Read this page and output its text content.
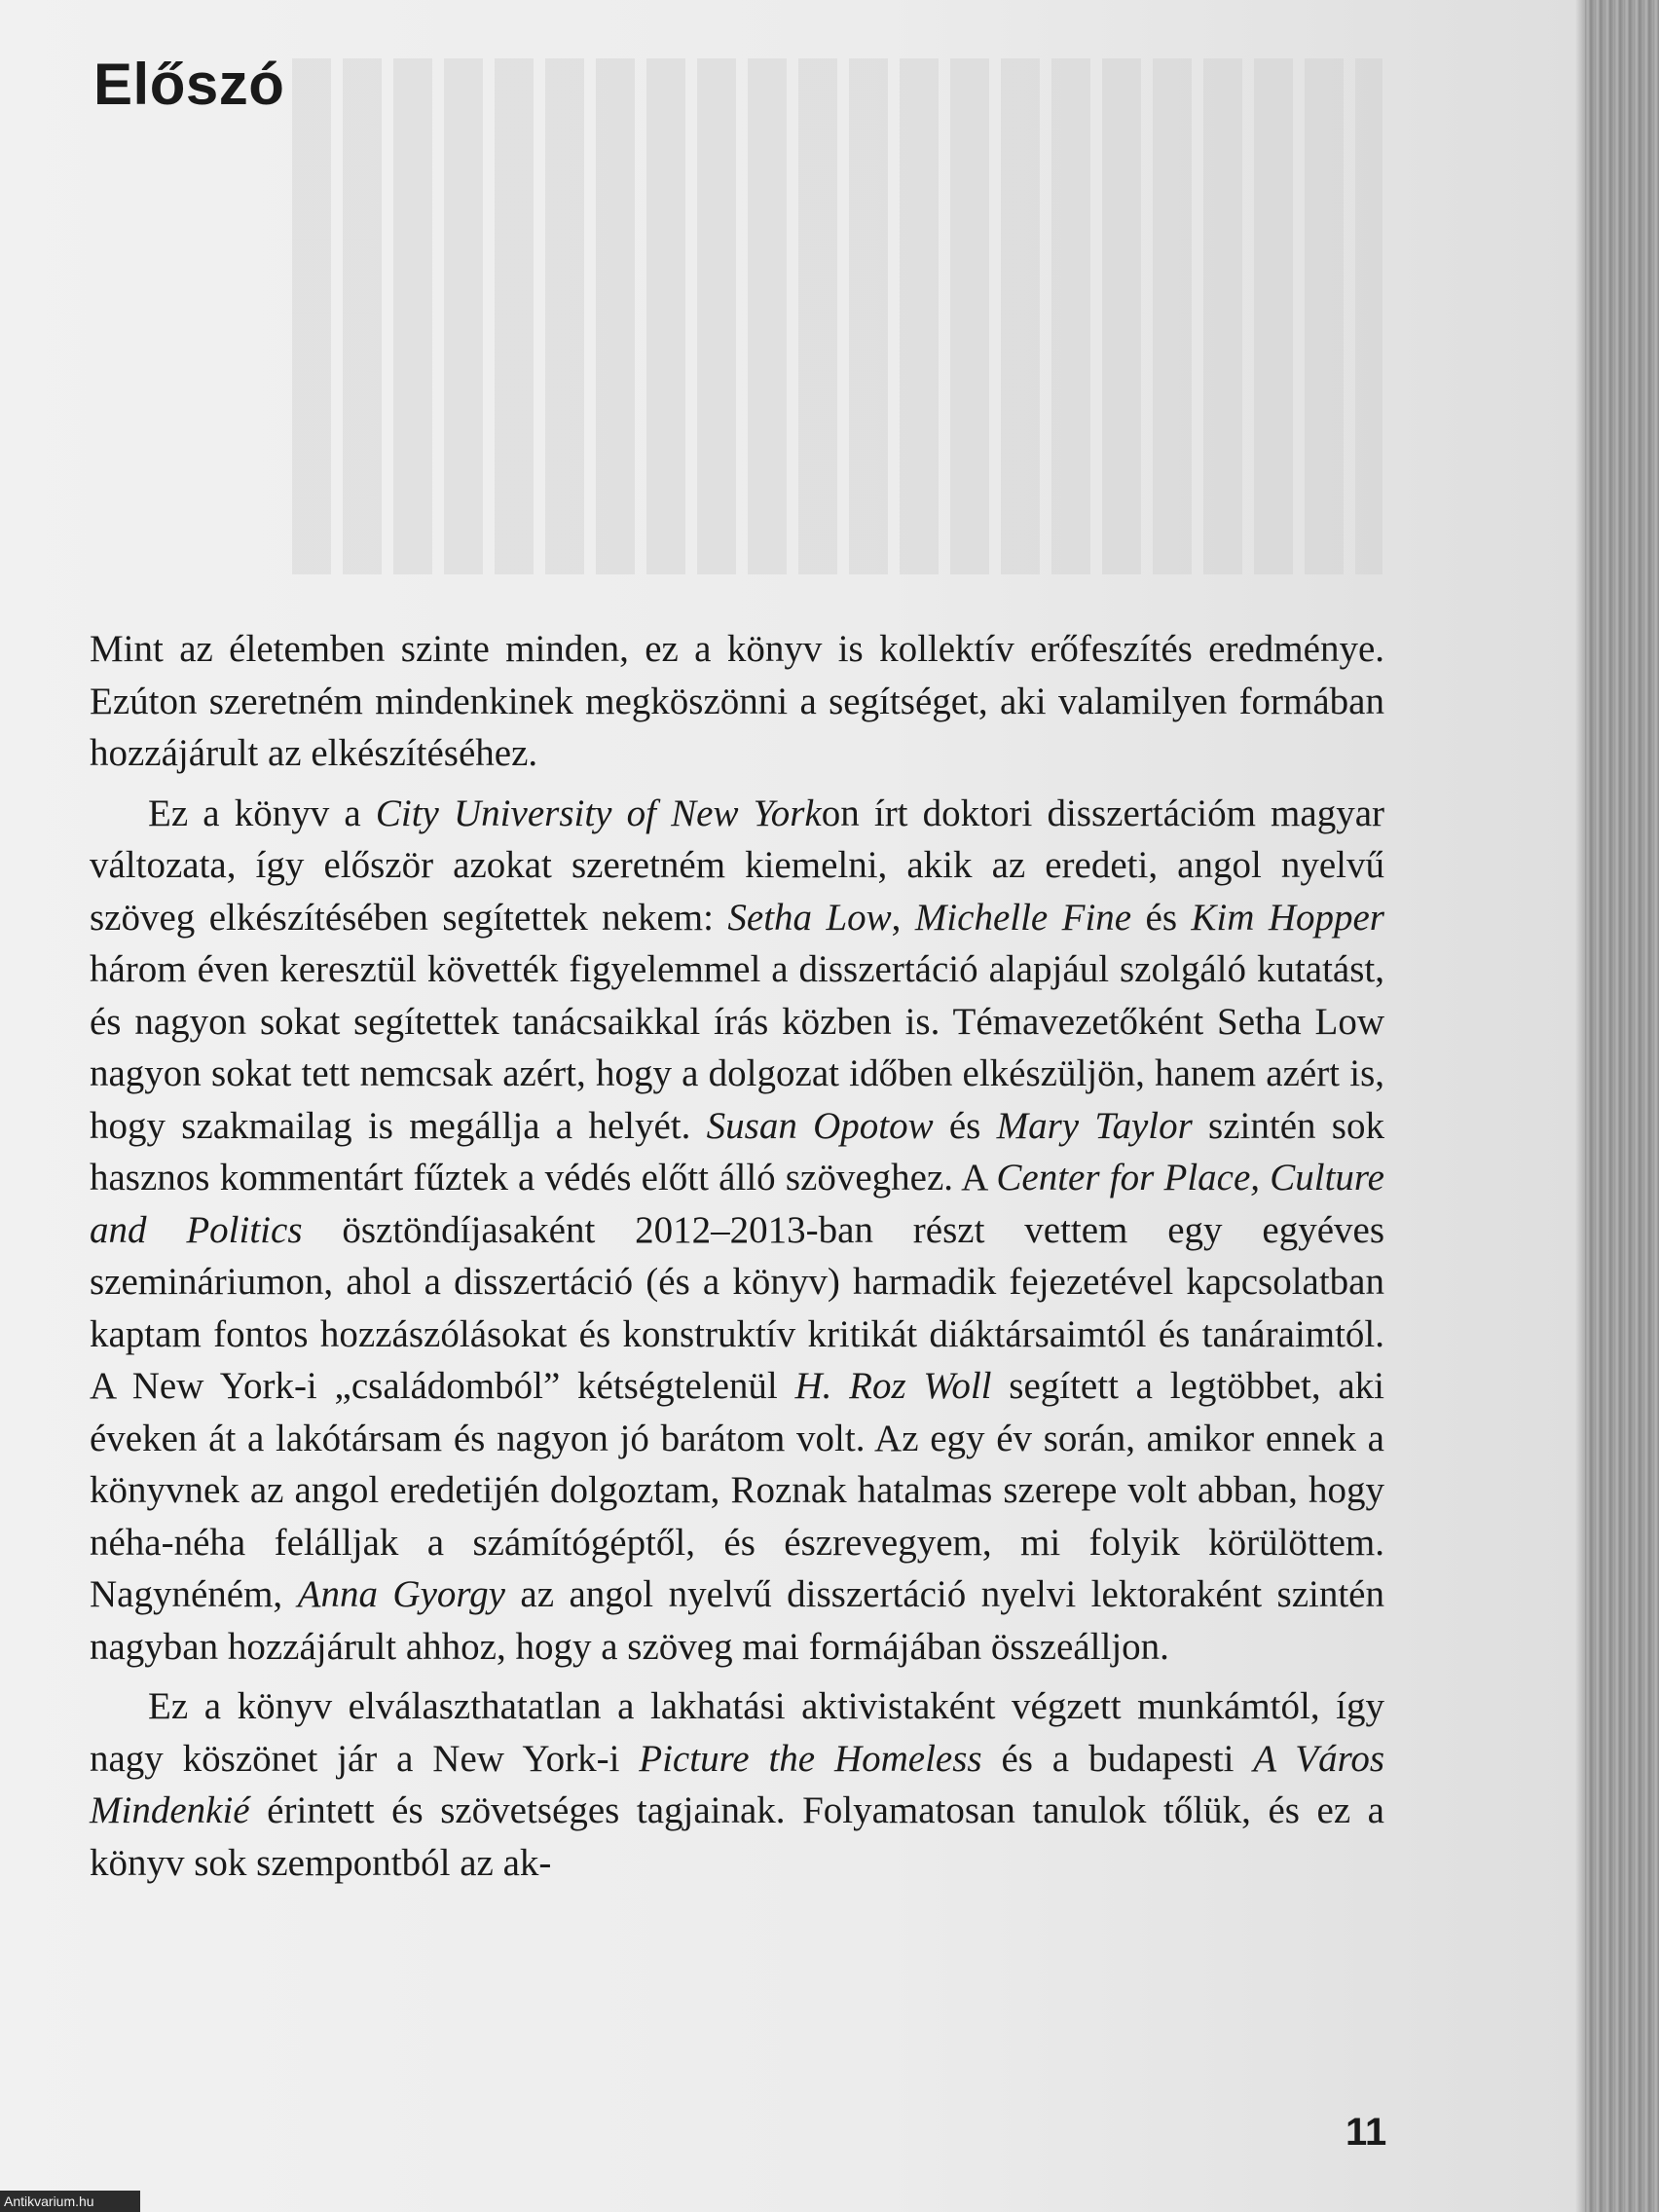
Előszó

Mint az életemben szinte minden, ez a könyv is kollektív erőfeszítés eredménye. Ezúton szeretném mindenkinek megköszönni a segítséget, aki valamilyen formában hozzájárult az elkészítéséhez.

Ez a könyv a City University of New Yorkon írt doktori disszertációm magyar változata, így először azokat szeretném kiemelni, akik az eredeti, angol nyelvű szöveg elkészítésében segítettek nekem: Setha Low, Michelle Fine és Kim Hopper három éven keresztül követték figyelemmel a disszertáció alapjául szolgáló kutatást, és nagyon sokat segítettek tanácsaikkal írás közben is. Témavezetőként Setha Low nagyon sokat tett nemcsak azért, hogy a dolgozat időben elkészüljön, hanem azért is, hogy szakmailag is megállja a helyét. Susan Opotow és Mary Taylor szintén sok hasznos kommentárt fűztek a védés előtt álló szöveghez. A Center for Place, Culture and Politics ösztöndíjasaként 2012–2013-ban részt vettem egy egyéves szemináriumon, ahol a disszertáció (és a könyv) harmadik fejezetével kapcsolatban kaptam fontos hozzászólásokat és konstruktív kritikát diáktársaimtól és tanáraimtól. A New York-i „családomból” kétségtelenül H. Roz Woll segített a legtöbbet, aki éveken át a lakótársam és nagyon jó barátom volt. Az egy év során, amikor ennek a könyvnek az angol eredetijén dolgoztam, Roznak hatalmas szerepe volt abban, hogy néha-néha felálljak a számítógéptől, és észrevegyem, mi folyik körülöttem. Nagynéném, Anna Gyorgy az angol nyelvű disszertáció nyelvi lektoraként szintén nagyban hozzájárult ahhoz, hogy a szöveg mai formájában összeálljon.

Ez a könyv elválaszthatatlan a lakhatási aktivistaként végzett munkámtól, így nagy köszönet jár a New York-i Picture the Homeless és a budapesti A Város Mindenkié érintett és szövetséges tagjainak. Folyamatosan tanulok tőlük, és ez a könyv sok szempontból az ak-

11
Antikvarium.hu
